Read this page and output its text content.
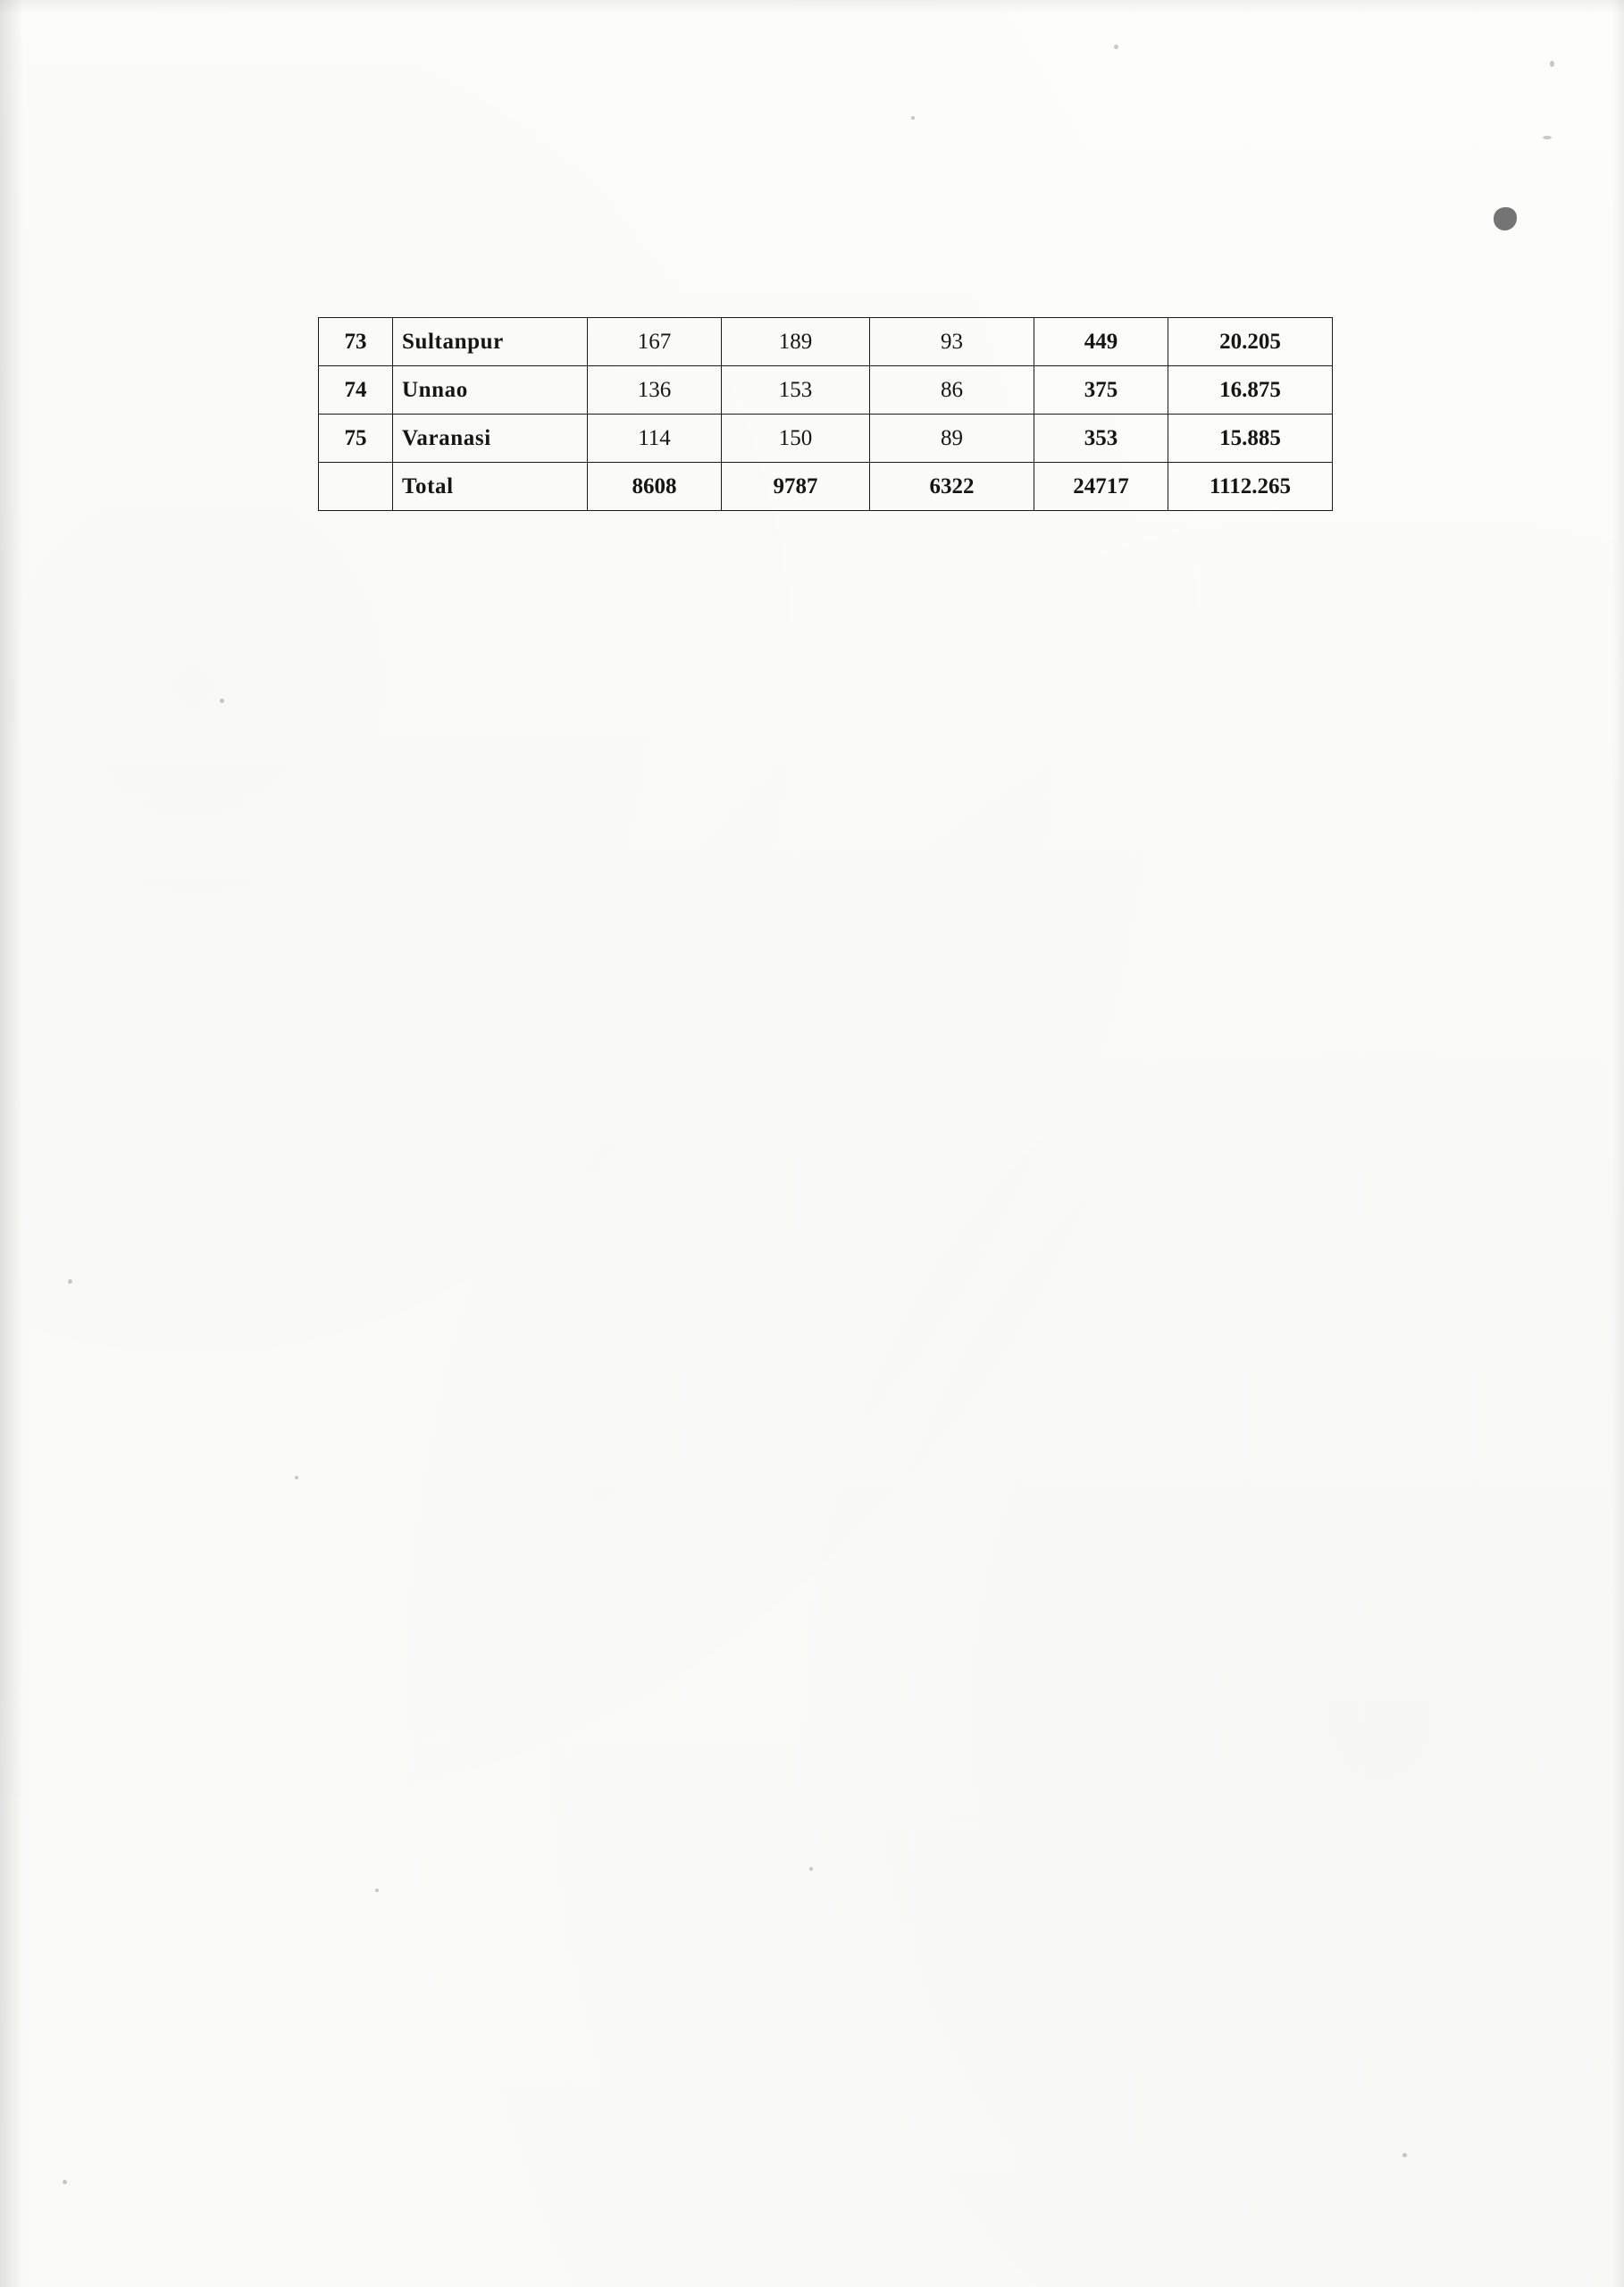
73	Sultanpur	167	189	93	449	20.205
74	Unnao	136	153	86	375	16.875
75	Varanasi	114	150	89	353	15.885
	Total	8608	9787	6322	24717	1112.265
